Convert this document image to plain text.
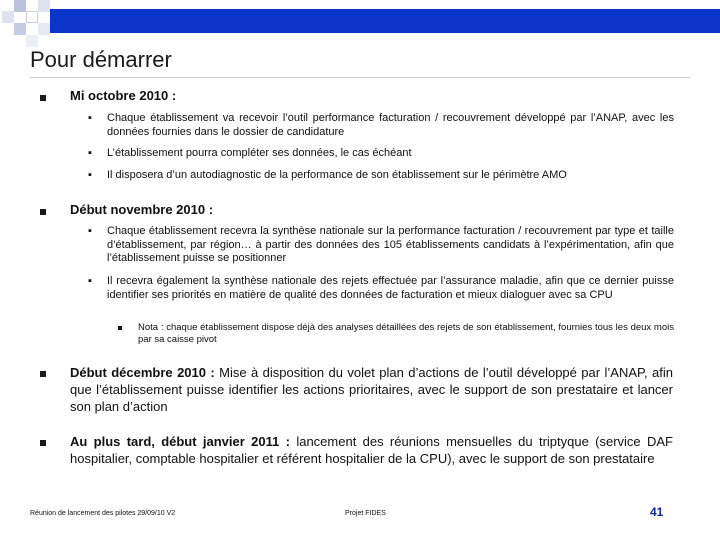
Pour démarrer
Mi octobre 2010 :
▪ Chaque établissement va recevoir l’outil performance facturation / recouvrement développé par l’ANAP, avec les données fournies dans le dossier de candidature
▪ L’établissement pourra compléter ses données, le cas échéant
▪ Il disposera d’un autodiagnostic de la performance de son établissement sur le périmètre AMO
Début novembre 2010 :
▪ Chaque établissement recevra la synthèse nationale sur la performance facturation / recouvrement par type et taille d’établissement, par région… à partir des données des 105 établissements candidats à l’expérimentation, afin que l’établissement puisse se positionner
▪ Il recevra également la synthèse nationale des rejets effectuée par l’assurance maladie, afin que ce dernier puisse identifier ses priorités en matière de qualité des données de facturation et mieux dialoguer avec sa CPU
Nota : chaque établissement dispose déjà des analyses détaillées des rejets de son établissement, fournies tous les deux mois par sa caisse pivot
Début décembre 2010 : Mise à disposition du volet plan d’actions de l’outil développé par l’ANAP, afin que l’établissement puisse identifier les actions prioritaires, avec le support de son prestataire et lancer son plan d’action
Au plus tard, début janvier 2011 : lancement des réunions mensuelles du triptyque (service DAF hospitalier, comptable hospitalier et référent hospitalier de la CPU), avec le support de son prestataire
Réunion de lancement des pilotes 29/09/10 V2	Projet FIDES	41
